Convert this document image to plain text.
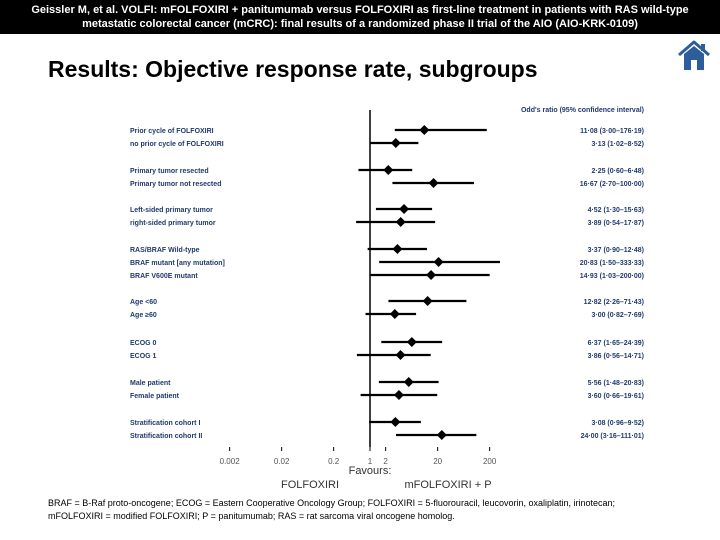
Geissler M, et al. VOLFI: mFOLFOXIRI + panitumumab versus FOLFOXIRI as first-line treatment in patients with RAS wild-type
metastatic colorectal cancer (mCRC): final results of a randomized phase II trial of the AIO (AIO-KRK-0109)
Results: Objective response rate, subgroups
Odd's ratio (95% confidence interval)
Prior cycle of FOLFOXIRI	11·08 (3·00–176·19)
no prior cycle of FOLFOXIRI	3·13 (1·02–8·52)
Primary tumor resected	2·25 (0·60–6·48)
Primary tumor not resected	16·67 (2·70–100·00)
Left-sided primary tumor	4·52 (1·30–15·63)
right-sided primary tumor	3·89 (0·54–17·87)
RAS/BRAF Wild-type	3·37 (0·90–12·48)
BRAF mutant [any mutation]	20·83 (1·50–333·33)
BRAF V600E mutant	14·93 (1·03–200·00)
Age <60	12·82 (2·26–71·43)
Age ≥60	3·00 (0·82–7·69)
ECOG 0	6·37 (1·65–24·39)
ECOG 1	3·86 (0·56–14·71)
Male patient	5·56 (1·48–20·83)
Female patient	3·60 (0·66–19·61)
Stratification cohort I	3·08 (0·96–9·52)
Stratification cohort II	24·00 (3·16–111·01)
0.002	0.02	0.2	1 2	20	200
Favours:
FOLFOXIRI	mFOLFOXIRI + P
BRAF = B-Raf proto-oncogene; ECOG = Eastern Cooperative Oncology Group; FOLFOXIRI = 5-fluorouracil, leucovorin, oxaliplatin, irinotecan;
mFOLFOXIRI = modified FOLFOXIRI; P = panitumumab; RAS = rat sarcoma viral oncogene homolog.
